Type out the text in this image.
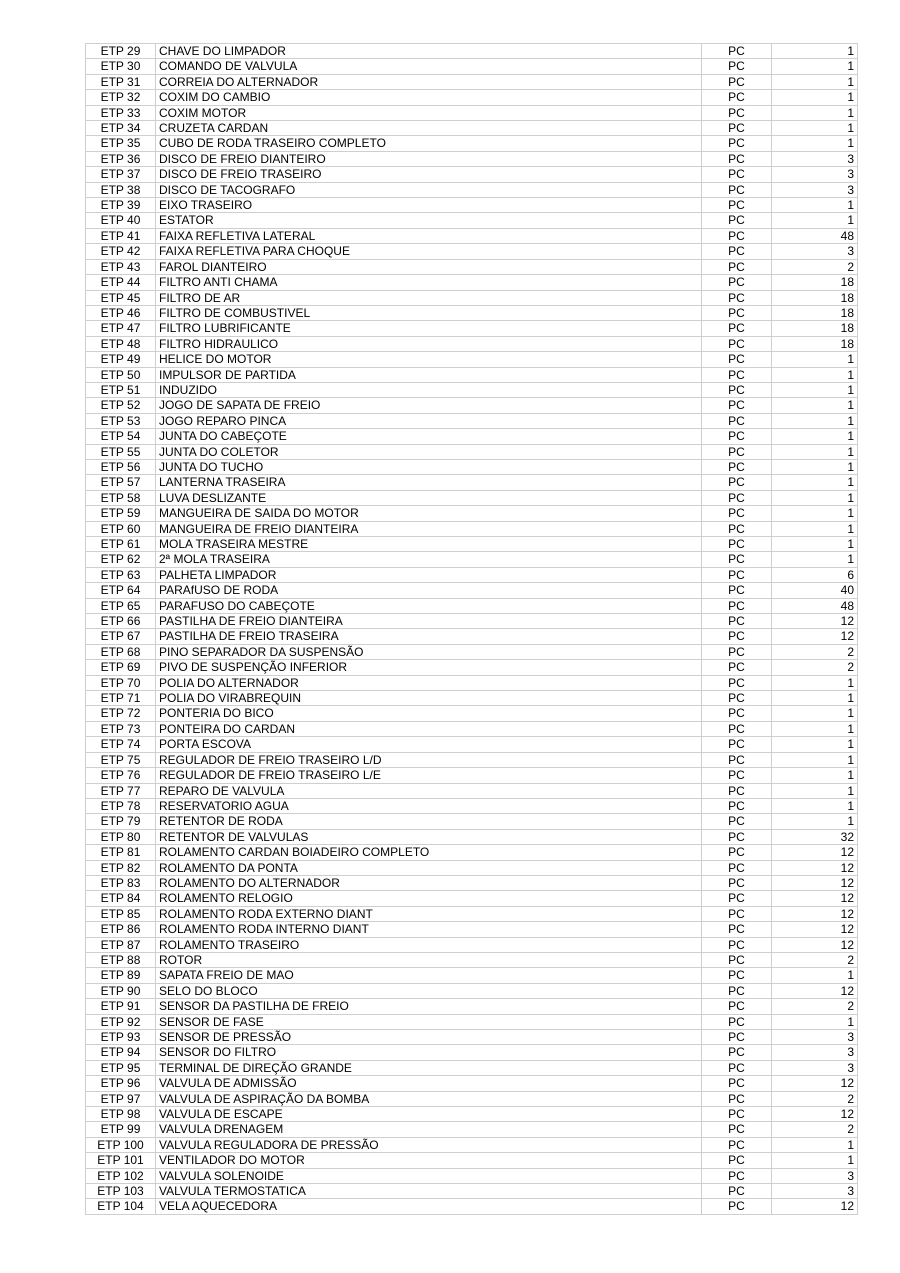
ETP 29	CHAVE DO LIMPADOR	PC	1
ETP 30	COMANDO DE VALVULA	PC	1
ETP 31	CORREIA DO ALTERNADOR	PC	1
ETP 32	COXIM DO CAMBIO	PC	1
ETP 33	COXIM MOTOR	PC	1
ETP 34	CRUZETA CARDAN	PC	1
ETP 35	CUBO DE RODA TRASEIRO COMPLETO	PC	1
ETP 36	DISCO DE FREIO DIANTEIRO	PC	3
ETP 37	DISCO DE FREIO TRASEIRO	PC	3
ETP 38	DISCO DE TACOGRAFO	PC	3
ETP 39	EIXO TRASEIRO	PC	1
ETP 40	ESTATOR	PC	1
ETP 41	FAIXA REFLETIVA LATERAL	PC	48
ETP 42	FAIXA REFLETIVA PARA CHOQUE	PC	3
ETP 43	FAROL DIANTEIRO	PC	2
ETP 44	FILTRO ANTI CHAMA	PC	18
ETP 45	FILTRO DE AR	PC	18
ETP 46	FILTRO DE COMBUSTIVEL	PC	18
ETP 47	FILTRO LUBRIFICANTE	PC	18
ETP 48	FILTRO HIDRAULICO	PC	18
ETP 49	HELICE DO MOTOR	PC	1
ETP 50	IMPULSOR DE PARTIDA	PC	1
ETP 51	INDUZIDO	PC	1
ETP 52	JOGO DE SAPATA DE FREIO	PC	1
ETP 53	JOGO REPARO PINCA	PC	1
ETP 54	JUNTA DO CABEÇOTE	PC	1
ETP 55	JUNTA DO COLETOR	PC	1
ETP 56	JUNTA DO TUCHO	PC	1
ETP 57	LANTERNA TRASEIRA	PC	1
ETP 58	LUVA DESLIZANTE	PC	1
ETP 59	MANGUEIRA DE SAIDA DO MOTOR	PC	1
ETP 60	MANGUEIRA DE FREIO DIANTEIRA	PC	1
ETP 61	MOLA TRASEIRA MESTRE	PC	1
ETP 62	2ª MOLA TRASEIRA	PC	1
ETP 63	PALHETA LIMPADOR	PC	6
ETP 64	PARAfUSO DE RODA	PC	40
ETP 65	PARAFUSO DO CABEÇOTE	PC	48
ETP 66	PASTILHA DE FREIO DIANTEIRA	PC	12
ETP 67	PASTILHA DE FREIO TRASEIRA	PC	12
ETP 68	PINO SEPARADOR DA SUSPENSÃO	PC	2
ETP 69	PIVO DE SUSPENÇÃO INFERIOR	PC	2
ETP 70	POLIA DO ALTERNADOR	PC	1
ETP 71	POLIA DO VIRABREQUIN	PC	1
ETP 72	PONTERIA DO BICO	PC	1
ETP 73	PONTEIRA DO CARDAN	PC	1
ETP 74	PORTA ESCOVA	PC	1
ETP 75	REGULADOR DE FREIO TRASEIRO L/D	PC	1
ETP 76	REGULADOR DE FREIO TRASEIRO L/E	PC	1
ETP 77	REPARO DE VALVULA	PC	1
ETP 78	RESERVATORIO AGUA	PC	1
ETP 79	RETENTOR DE RODA	PC	1
ETP 80	RETENTOR DE VALVULAS	PC	32
ETP 81	ROLAMENTO CARDAN BOIADEIRO COMPLETO	PC	12
ETP 82	ROLAMENTO DA PONTA	PC	12
ETP 83	ROLAMENTO DO ALTERNADOR	PC	12
ETP 84	ROLAMENTO RELOGIO	PC	12
ETP 85	ROLAMENTO RODA EXTERNO DIANT	PC	12
ETP 86	ROLAMENTO RODA INTERNO DIANT	PC	12
ETP 87	ROLAMENTO TRASEIRO	PC	12
ETP 88	ROTOR	PC	2
ETP 89	SAPATA FREIO DE MAO	PC	1
ETP 90	SELO DO BLOCO	PC	12
ETP 91	SENSOR DA PASTILHA DE FREIO	PC	2
ETP 92	SENSOR DE FASE	PC	1
ETP 93	SENSOR DE PRESSÃO	PC	3
ETP 94	SENSOR DO FILTRO	PC	3
ETP 95	TERMINAL DE DIREÇÃO GRANDE	PC	3
ETP 96	VALVULA DE ADMISSÃO	PC	12
ETP 97	VALVULA DE ASPIRAÇÃO DA BOMBA	PC	2
ETP 98	VALVULA DE ESCAPE	PC	12
ETP 99	VALVULA DRENAGEM	PC	2
ETP 100	VALVULA REGULADORA DE PRESSÃO	PC	1
ETP 101	VENTILADOR DO MOTOR	PC	1
ETP 102	VALVULA SOLENOIDE	PC	3
ETP 103	VALVULA TERMOSTATICA	PC	3
ETP 104	VELA AQUECEDORA	PC	12
